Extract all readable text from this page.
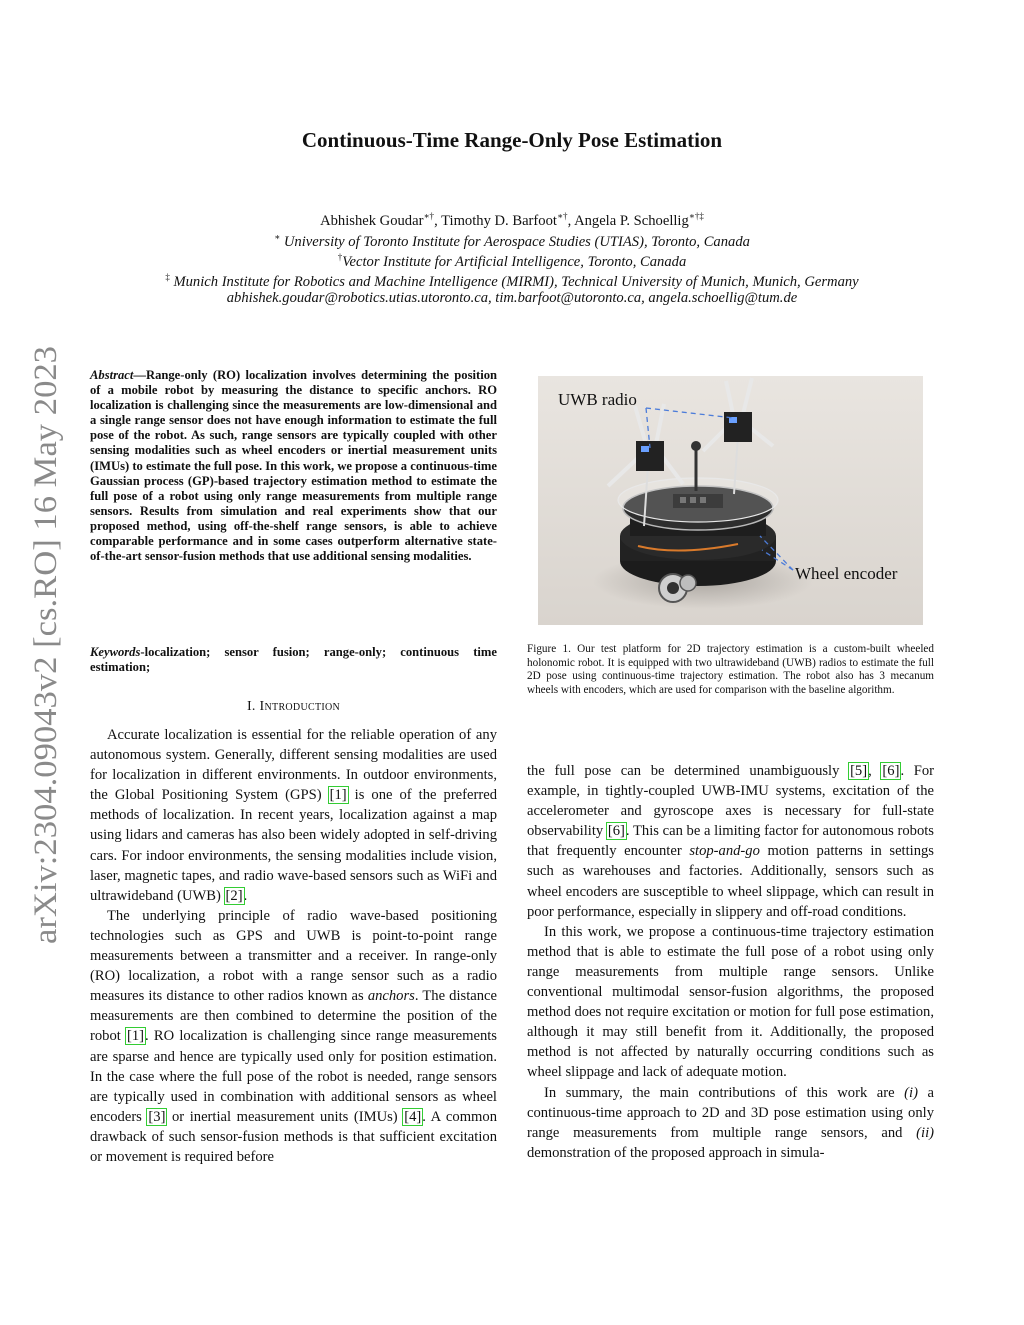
arXiv:2304.09043v2 [cs.RO] 16 May 2023
Continuous-Time Range-Only Pose Estimation
Abhishek Goudar∗†, Timothy D. Barfoot∗†, Angela P. Schoellig∗†‡
∗ University of Toronto Institute for Aerospace Studies (UTIAS), Toronto, Canada
†Vector Institute for Artificial Intelligence, Toronto, Canada
‡ Munich Institute for Robotics and Machine Intelligence (MIRMI), Technical University of Munich, Munich, Germany
abhishek.goudar@robotics.utias.utoronto.ca, tim.barfoot@utoronto.ca, angela.schoellig@tum.de
Abstract—Range-only (RO) localization involves determining the position of a mobile robot by measuring the distance to specific anchors. RO localization is challenging since the measurements are low-dimensional and a single range sensor does not have enough information to estimate the full pose of the robot. As such, range sensors are typically coupled with other sensing modalities such as wheel encoders or inertial measurement units (IMUs) to estimate the full pose. In this work, we propose a continuous-time Gaussian process (GP)-based trajectory estimation method to estimate the full pose of a robot using only range measurements from multiple range sensors. Results from simulation and real experiments show that our proposed method, using off-the-shelf range sensors, is able to achieve comparable performance and in some cases outperform alternative state-of-the-art sensor-fusion methods that use additional sensing modalities.
Keywords-localization; sensor fusion; range-only; continuous time estimation;
I. Introduction

Accurate localization is essential for the reliable operation of any autonomous system. Generally, different sensing modalities are used for localization in different environments. In outdoor environments, the Global Positioning System (GPS) [1] is one of the preferred methods of localization. In recent years, localization against a map using lidars and cameras has also been widely adopted in self-driving cars. For indoor environments, the sensing modalities include vision, laser, magnetic tapes, and radio wave-based sensors such as WiFi and ultrawideband (UWB) [2].

The underlying principle of radio wave-based positioning technologies such as GPS and UWB is point-to-point range measurements between a transmitter and a receiver. In range-only (RO) localization, a robot with a range sensor such as a radio measures its distance to other radios known as anchors. The distance measurements are then combined to determine the position of the robot [1]. RO localization is challenging since range measurements are sparse and hence are typically used only for position estimation. In the case where the full pose of the robot is needed, range sensors are typically used in combination with additional sensors as wheel encoders [3] or inertial measurement units (IMUs) [4]. A common drawback of such sensor-fusion methods is that sufficient excitation or movement is required before

UWB radio
Wheel encoder
Figure 1. Our test platform for 2D trajectory estimation is a custom-built wheeled holonomic robot. It is equipped with two ultrawideband (UWB) radios to estimate the full 2D pose using continuous-time trajectory estimation. The robot also has 3 mecanum wheels with encoders, which are used for comparison with the baseline algorithm.

the full pose can be determined unambiguously [5], [6]. For example, in tightly-coupled UWB-IMU systems, excitation of the accelerometer and gyroscope axes is necessary for full-state observability [6]. This can be a limiting factor for autonomous robots that frequently encounter stop-and-go motion patterns in settings such as warehouses and factories. Additionally, sensors such as wheel encoders are susceptible to wheel slippage, which can result in poor performance, especially in slippery and off-road conditions.

In this work, we propose a continuous-time trajectory estimation method that is able to estimate the full pose of a robot using only range measurements from multiple range sensors. Unlike conventional multimodal sensor-fusion algorithms, the proposed method does not require excitation or motion for full pose estimation, although it may still benefit from it. Additionally, the proposed method is not affected by naturally occurring conditions such as wheel slippage and lack of adequate motion.

In summary, the main contributions of this work are (i) a continuous-time approach to 2D and 3D pose estimation using only range measurements from multiple range sensors, and (ii) demonstration of the proposed approach in simula-
